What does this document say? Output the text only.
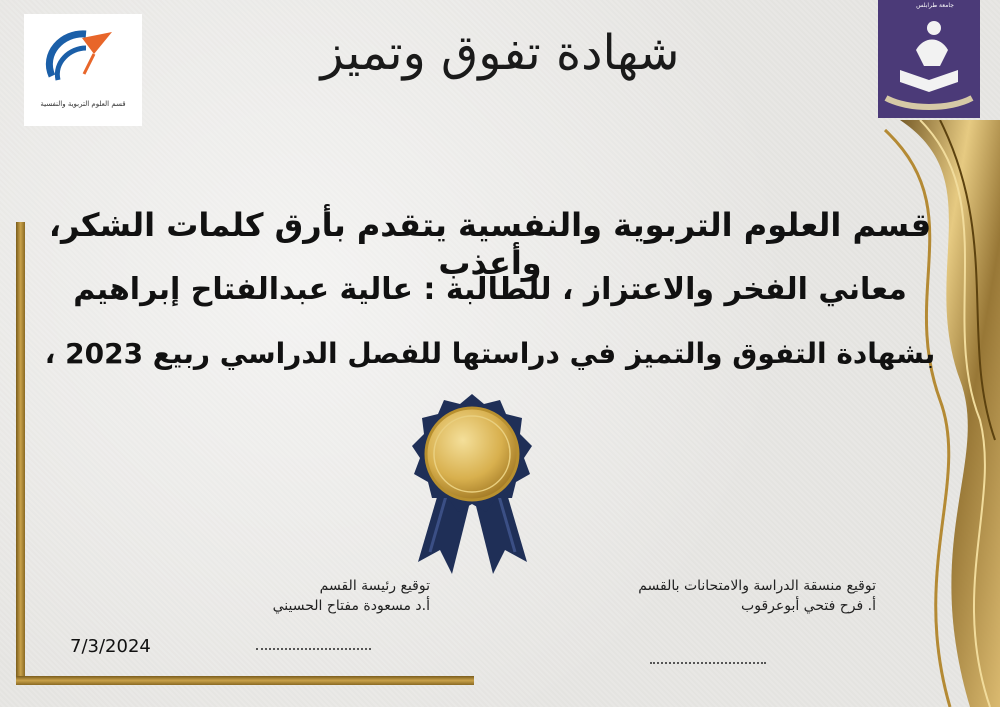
قسم العلوم التربوية والنفسية
جامعة طرابلس
شهادة تفوق وتميز
قسم العلوم التربوية والنفسية يتقدم بأرق كلمات الشكر، وأعذب
معاني الفخر والاعتزاز ، للطالبة : عالية عبدالفتاح إبراهيم
بشهادة التفوق والتميز في دراستها للفصل الدراسي ربيع 2023 ،
توقيع رئيسة القسم
أ.د مسعودة مفتاح الحسيني
توقيع منسقة الدراسة والامتحانات بالقسم
أ. فرح فتحي أبوعرقوب
7/3/2024
